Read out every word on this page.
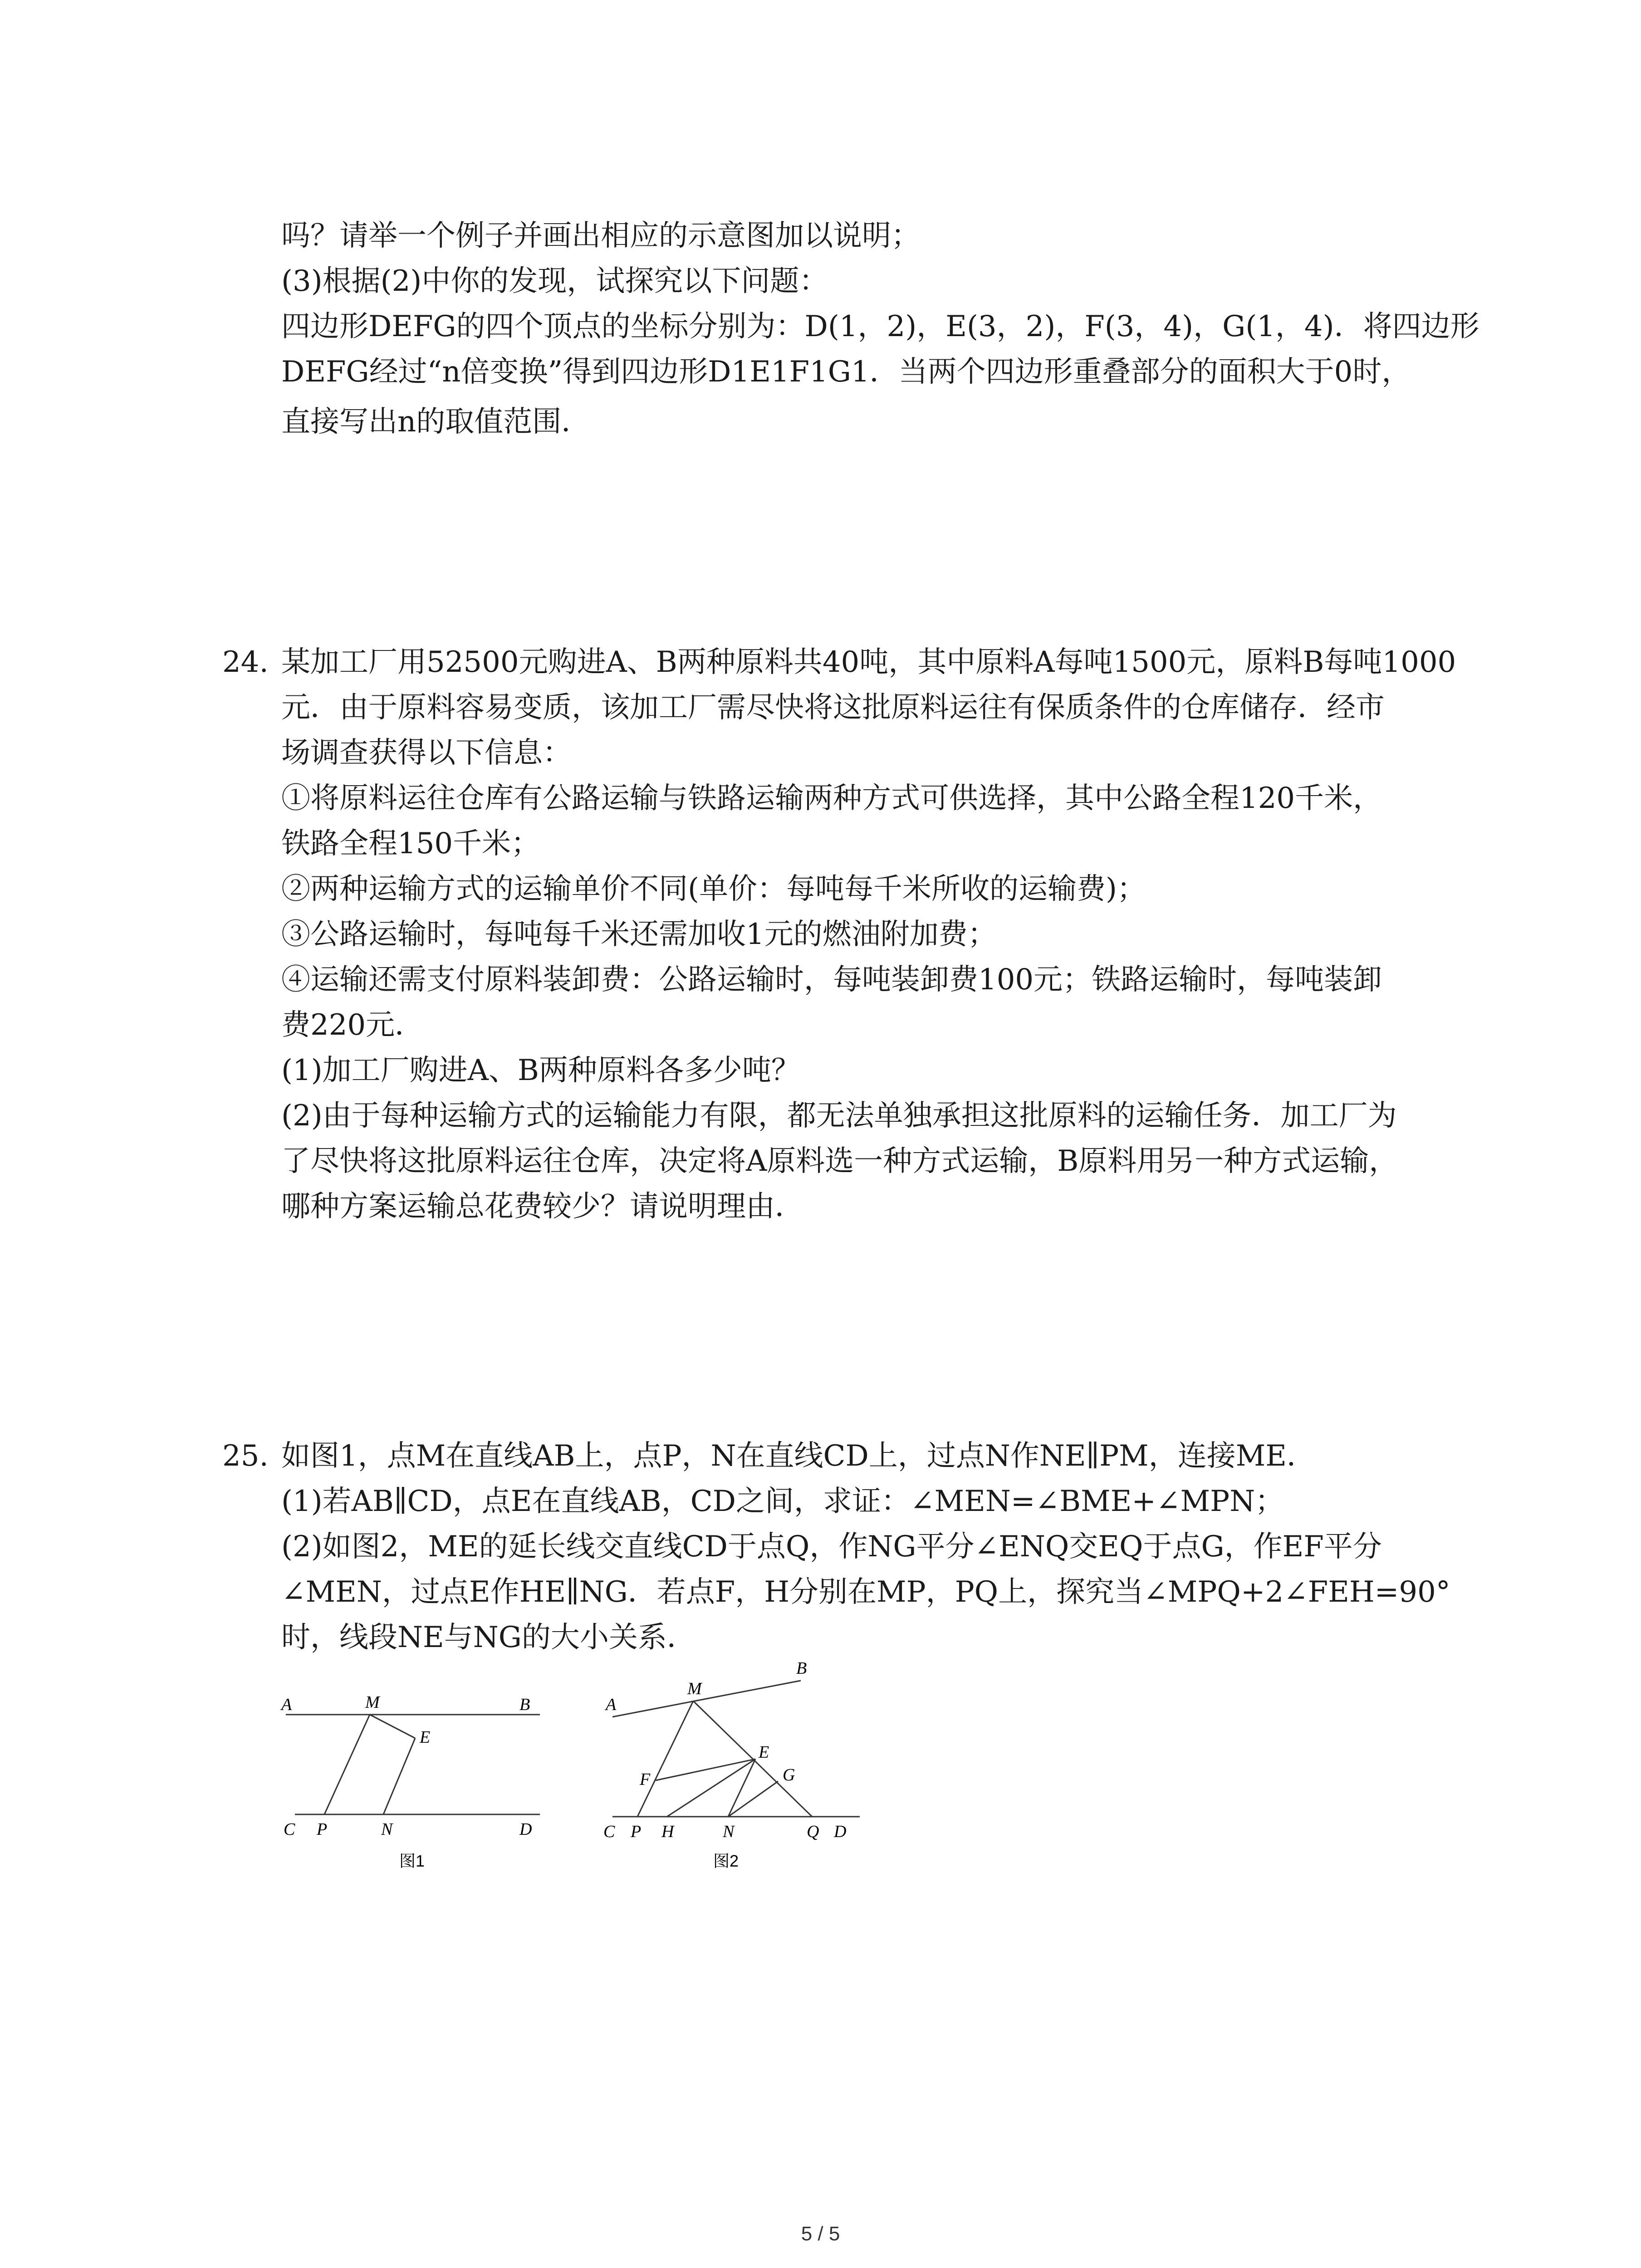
吗？请举一个例子并画出相应的示意图加以说明；
(3)根据(2)中你的发现，试探究以下问题：
四边形DEFG的四个顶点的坐标分别为：D(1，2)，E(3，2)，F(3，4)，G(1，4)．将四边形
DEFG经过“n倍变换”得到四边形D1E1F1G1．当两个四边形重叠部分的面积大于0时，
直接写出n的取值范围．
24. 某加工厂用52500元购进A、B两种原料共40吨，其中原料A每吨1500元，原料B每吨1000
元．由于原料容易变质，该加工厂需尽快将这批原料运往有保质条件的仓库储存．经市
场调查获得以下信息：
①将原料运往仓库有公路运输与铁路运输两种方式可供选择，其中公路全程120千米，
铁路全程150千米；
②两种运输方式的运输单价不同(单价：每吨每千米所收的运输费)；
③公路运输时，每吨每千米还需加收1元的燃油附加费；
④运输还需支付原料装卸费：公路运输时，每吨装卸费100元；铁路运输时，每吨装卸
费220元．
(1)加工厂购进A、B两种原料各多少吨？
(2)由于每种运输方式的运输能力有限，都无法单独承担这批原料的运输任务．加工厂为
了尽快将这批原料运往仓库，决定将A原料选一种方式运输，B原料用另一种方式运输，
哪种方案运输总花费较少？请说明理由．
25. 如图1，点M在直线AB上，点P，N在直线CD上，过点N作NE∥PM，连接ME．
(1)若AB∥CD，点E在直线AB，CD之间，求证：∠MEN=∠BME+∠MPN；
(2)如图2，ME的延长线交直线CD于点Q，作NG平分∠ENQ交EQ于点G，作EF平分
∠MEN，过点E作HE∥NG．若点F，H分别在MP，PQ上，探究当∠MPQ+2∠FEH=90°
时，线段NE与NG的大小关系．
A	M	B
E
C P	N	D
图1
A
M
B
F
E
G
C P H	N	Q D
图2
5 / 5
